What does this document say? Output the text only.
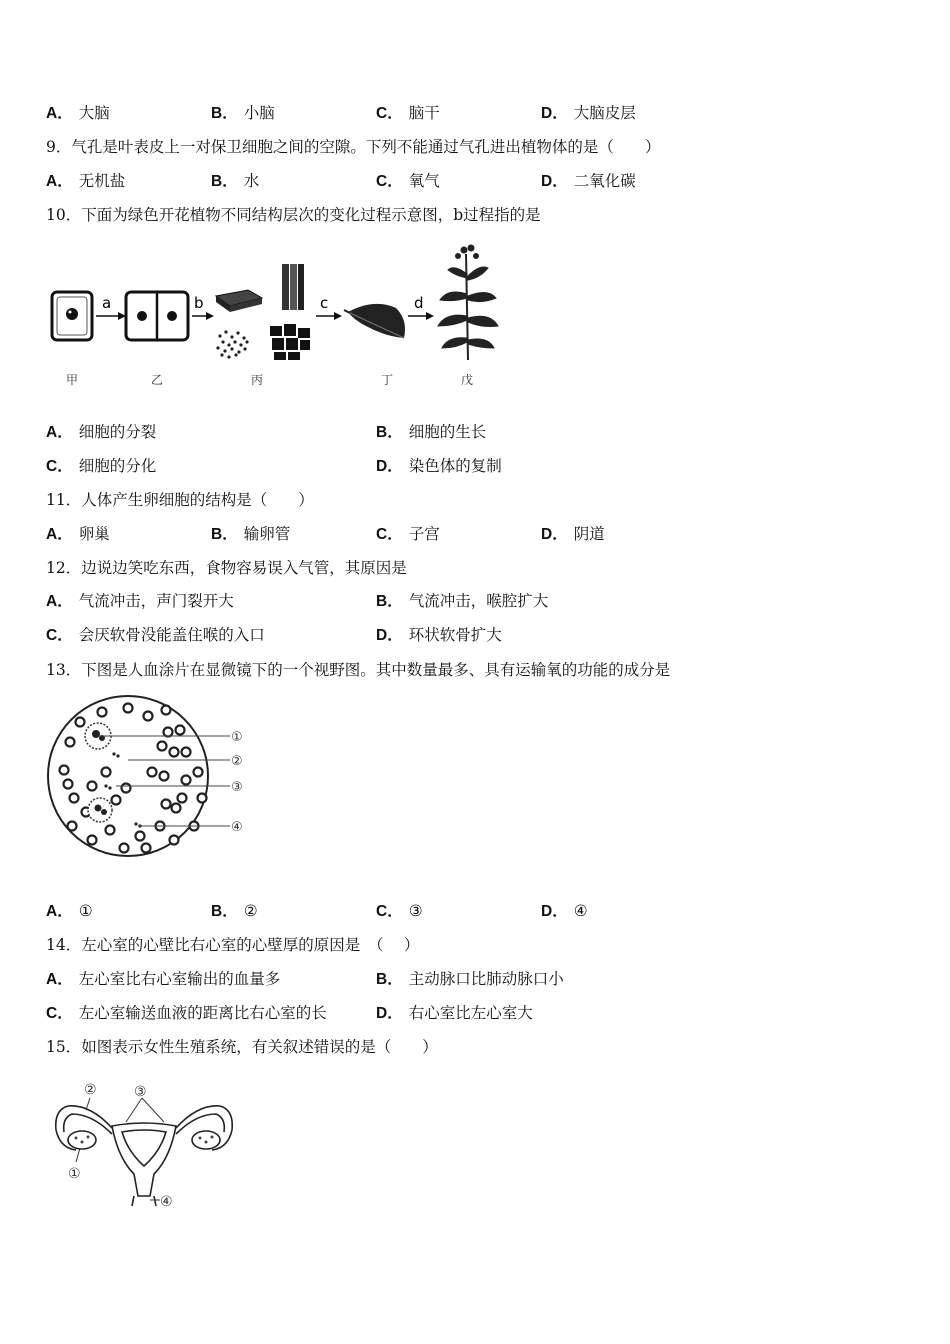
A． 大脑	B． 小脑	C． 脑干	D． 大脑皮层
9．气孔是叶表皮上一对保卫细胞之间的空隙。下列不能通过气孔进出植物体的是（　　）
A． 无机盐	B． 水	C． 氧气	D． 二氧化碳
10．下面为绿色开花植物不同结构层次的变化过程示意图，b过程指的是
a	b	c	d
甲	乙	丙	丁	戊
A． 细胞的分裂	B． 细胞的生长
C． 细胞的分化	D． 染色体的复制
11．人体产生卵细胞的结构是（　　）
A． 卵巢	B． 输卵管	C． 子宫	D． 阴道
12．边说边笑吃东西，食物容易误入气管，其原因是
A． 气流冲击，声门裂开大	B． 气流冲击，喉腔扩大
C． 会厌软骨没能盖住喉的入口	D． 环状软骨扩大
13．下图是人血涂片在显微镜下的一个视野图。其中数量最多、具有运输氧的功能的成分是
①
②
③
④
A． ①	B． ②	C． ③	D． ④
14．左心室的心壁比右心室的心壁厚的原因是　（　 ）
A． 左心室比右心室输出的血量多	B． 主动脉口比肺动脉口小
C． 左心室输送血液的距离比右心室的长	D． 右心室比左心室大
15．如图表示女性生殖系统，有关叙述错误的是（　　）
①
②	③
④
